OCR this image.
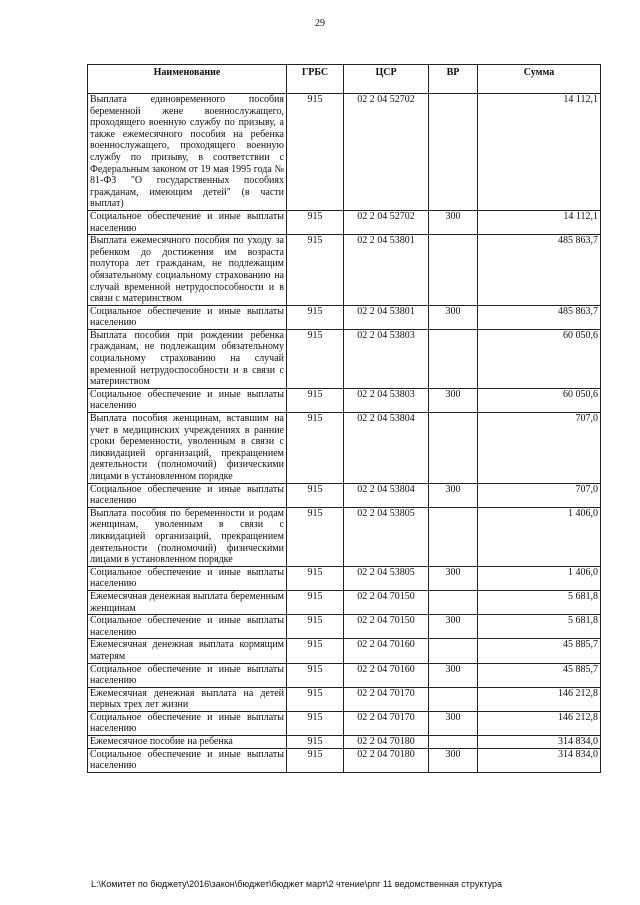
29
Наименование	ГРБС	ЦСР	ВР	Сумма
Выплата единовременного пособия беременной жене военнослужащего, проходящего военную службу по призыву, а также ежемесячного пособия на ребенка военнослужащего, проходящего военную службу по призыву, в соответствии с Федеральным законом от 19 мая 1995 года № 81-ФЗ "О государственных пособиях гражданам, имеющим детей" (в части выплат)	915	02 2 04 52702		14 112,1
Социальное обеспечение и иные выплаты населению	915	02 2 04 52702	300	14 112,1
Выплата ежемесячного пособия по уходу за ребенком до достижения им возраста полутора лет гражданам, не подлежащим обязательному социальному страхованию на случай временной нетрудоспособности и в связи с материнством	915	02 2 04 53801		485 863,7
Социальное обеспечение и иные выплаты населению	915	02 2 04 53801	300	485 863,7
Выплата пособия при рождении ребенка гражданам, не подлежащим обязательному социальному страхованию на случай временной нетрудоспособности и в связи с материнством	915	02 2 04 53803		60 050,6
Социальное обеспечение и иные выплаты населению	915	02 2 04 53803	300	60 050,6
Выплата пособия женщинам, вставшим на учет в медицинских учреждениях в ранние сроки беременности, уволенным в связи с ликвидацией организаций, прекращением деятельности (полномочий) физическими лицами в установленном порядке	915	02 2 04 53804		707,0
Социальное обеспечение и иные выплаты населению	915	02 2 04 53804	300	707,0
Выплата пособия по беременности и родам женщинам, уволенным в связи с ликвидацией организаций, прекращением деятельности (полномочий) физическими лицами в установленном порядке	915	02 2 04 53805		1 406,0
Социальное обеспечение и иные выплаты населению	915	02 2 04 53805	300	1 406,0
Ежемесячная денежная выплата беременным женщинам	915	02 2 04 70150		5 681,8
Социальное обеспечение и иные выплаты населению	915	02 2 04 70150	300	5 681,8
Ежемесячная денежная выплата кормящим матерям	915	02 2 04 70160		45 885,7
Социальное обеспечение и иные выплаты населению	915	02 2 04 70160	300	45 885,7
Ежемесячная денежная выплата на детей первых трех лет жизни	915	02 2 04 70170		146 212,8
Социальное обеспечение и иные выплаты населению	915	02 2 04 70170	300	146 212,8
Ежемесячное пособие на ребенка	915	02 2 04 70180		314 834,0
Социальное обеспечение и иные выплаты населению	915	02 2 04 70180	300	314 834,0
L:\Комитет по бюджету\2016\закон\бюджет\бюджет март\2 чтение\рпг 11 ведомственная структура
